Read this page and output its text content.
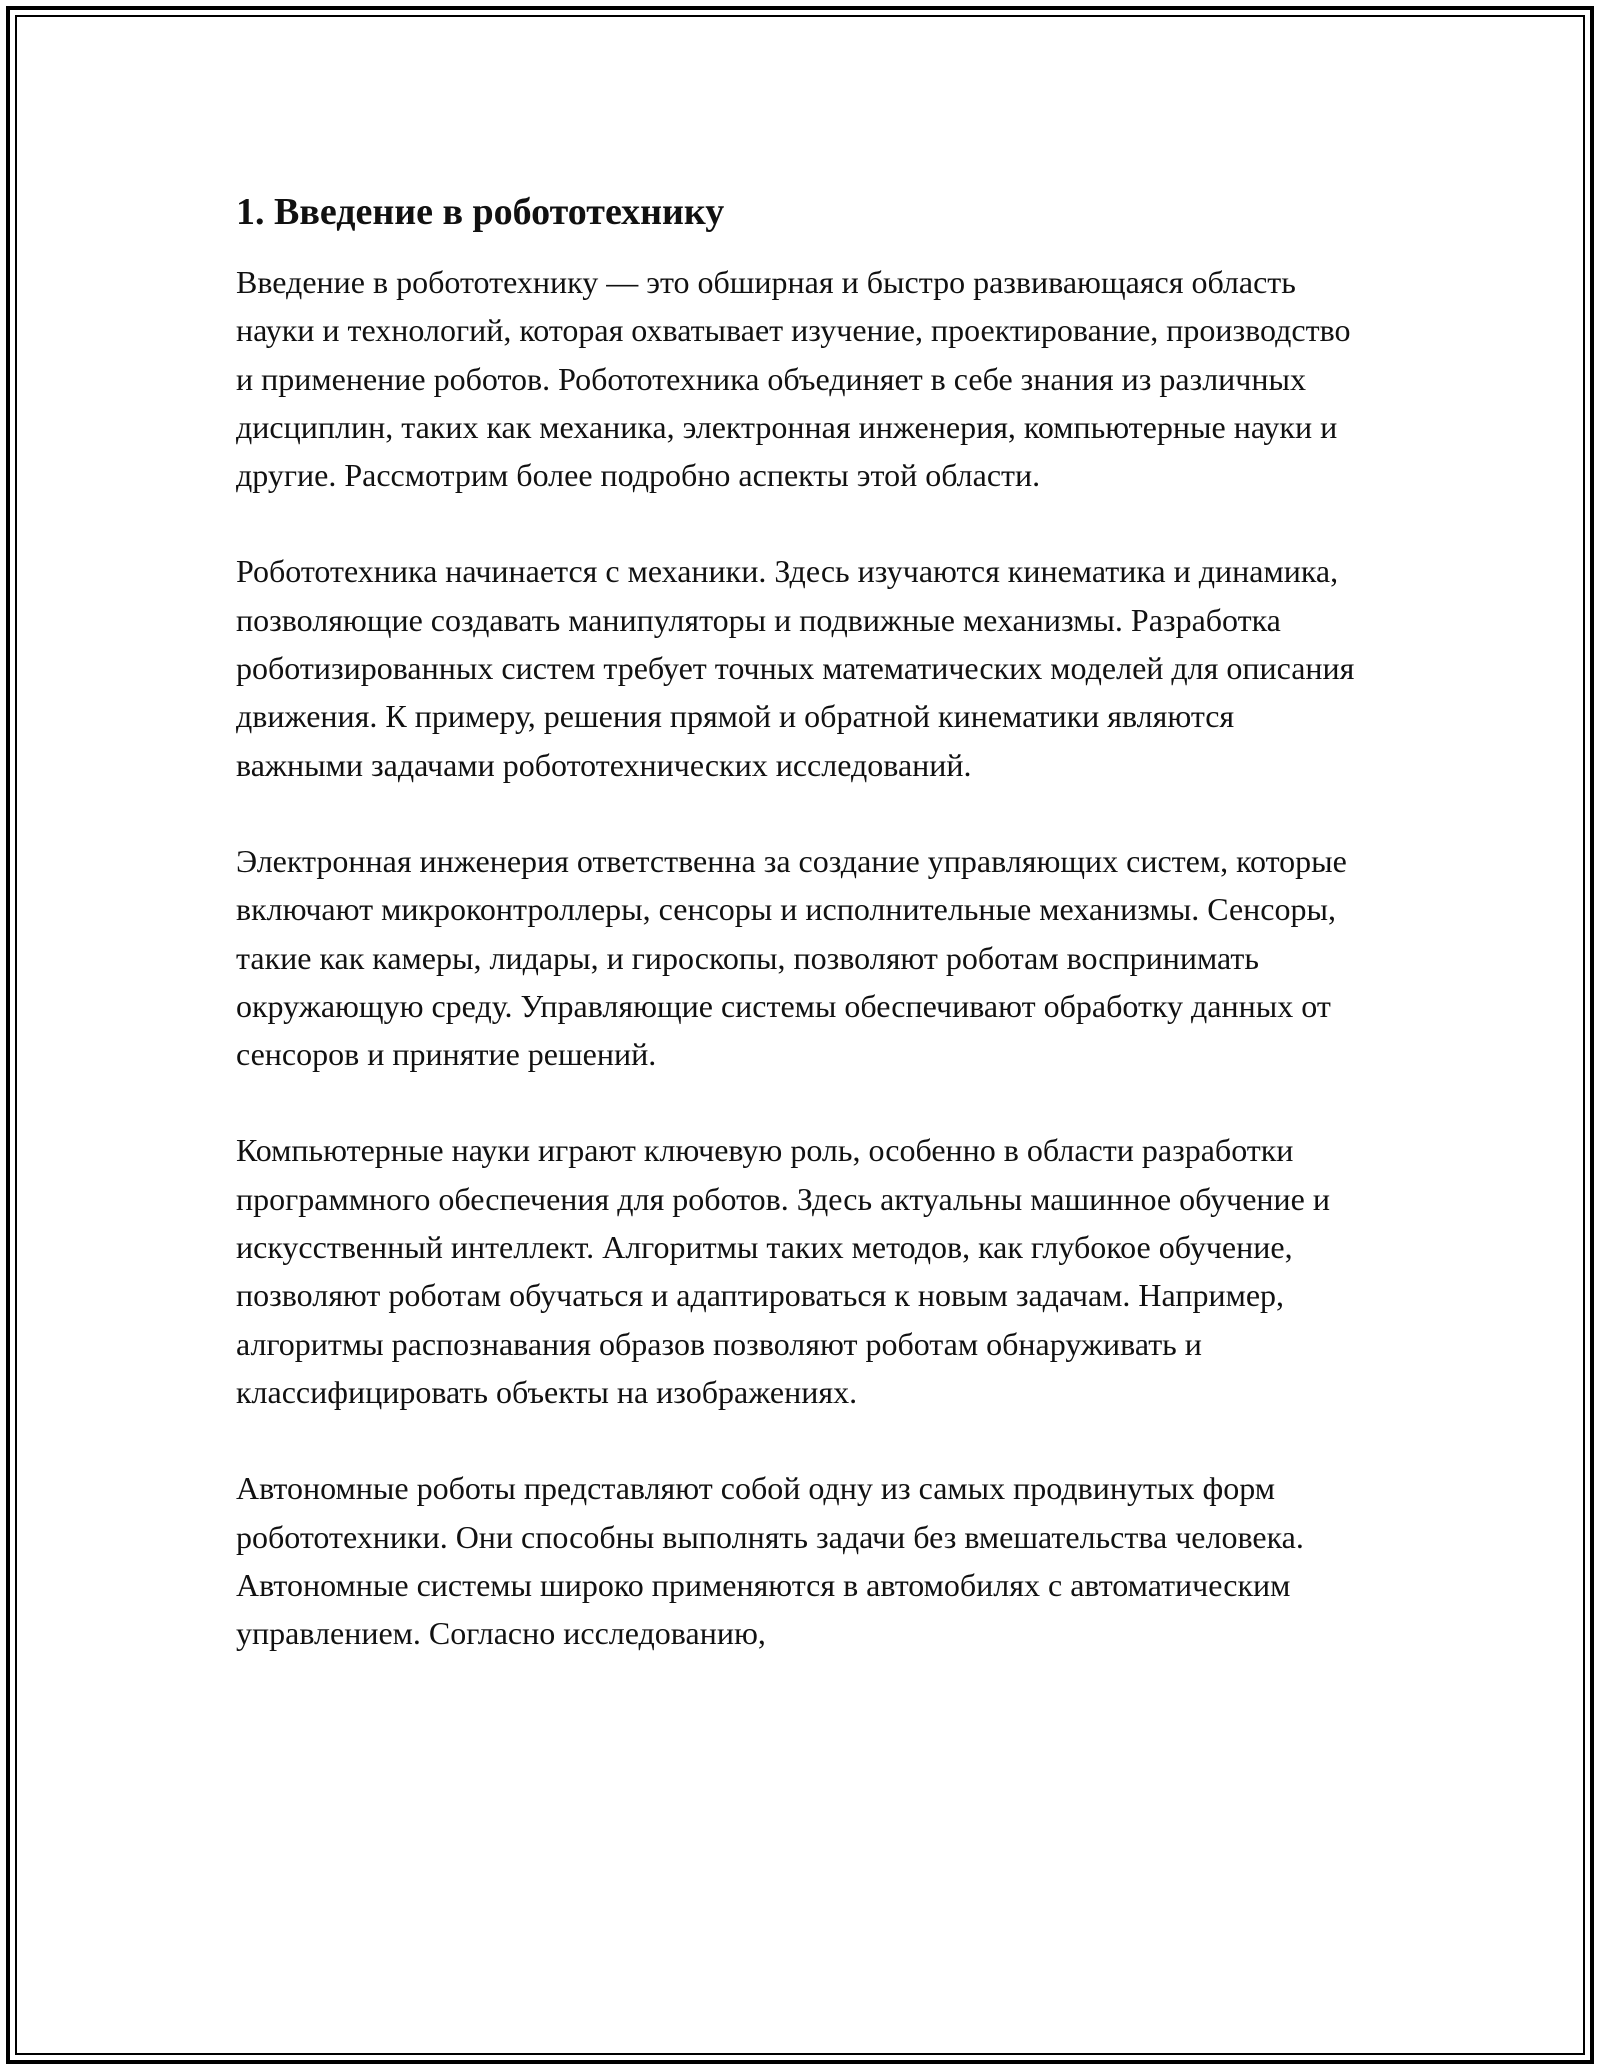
1. Введение в робототехнику

Введение в робототехнику — это обширная и быстро развивающаяся область науки и технологий, которая охватывает изучение, проектирование, производство и применение роботов. Робототехника объединяет в себе знания из различных дисциплин, таких как механика, электронная инженерия, компьютерные науки и другие. Рассмотрим более подробно аспекты этой области.

Робототехника начинается с механики. Здесь изучаются кинематика и динамика, позволяющие создавать манипуляторы и подвижные механизмы. Разработка роботизированных систем требует точных математических моделей для описания движения. К примеру, решения прямой и обратной кинематики являются важными задачами робототехнических исследований.

Электронная инженерия ответственна за создание управляющих систем, которые включают микроконтроллеры, сенсоры и исполнительные механизмы. Сенсоры, такие как камеры, лидары, и гироскопы, позволяют роботам воспринимать окружающую среду. Управляющие системы обеспечивают обработку данных от сенсоров и принятие решений.

Компьютерные науки играют ключевую роль, особенно в области разработки программного обеспечения для роботов. Здесь актуальны машинное обучение и искусственный интеллект. Алгоритмы таких методов, как глубокое обучение, позволяют роботам обучаться и адаптироваться к новым задачам. Например, алгоритмы распознавания образов позволяют роботам обнаруживать и классифицировать объекты на изображениях.

Автономные роботы представляют собой одну из самых продвинутых форм робототехники. Они способны выполнять задачи без вмешательства человека. Автономные системы широко применяются в автомобилях с автоматическим управлением. Согласно исследованию,
